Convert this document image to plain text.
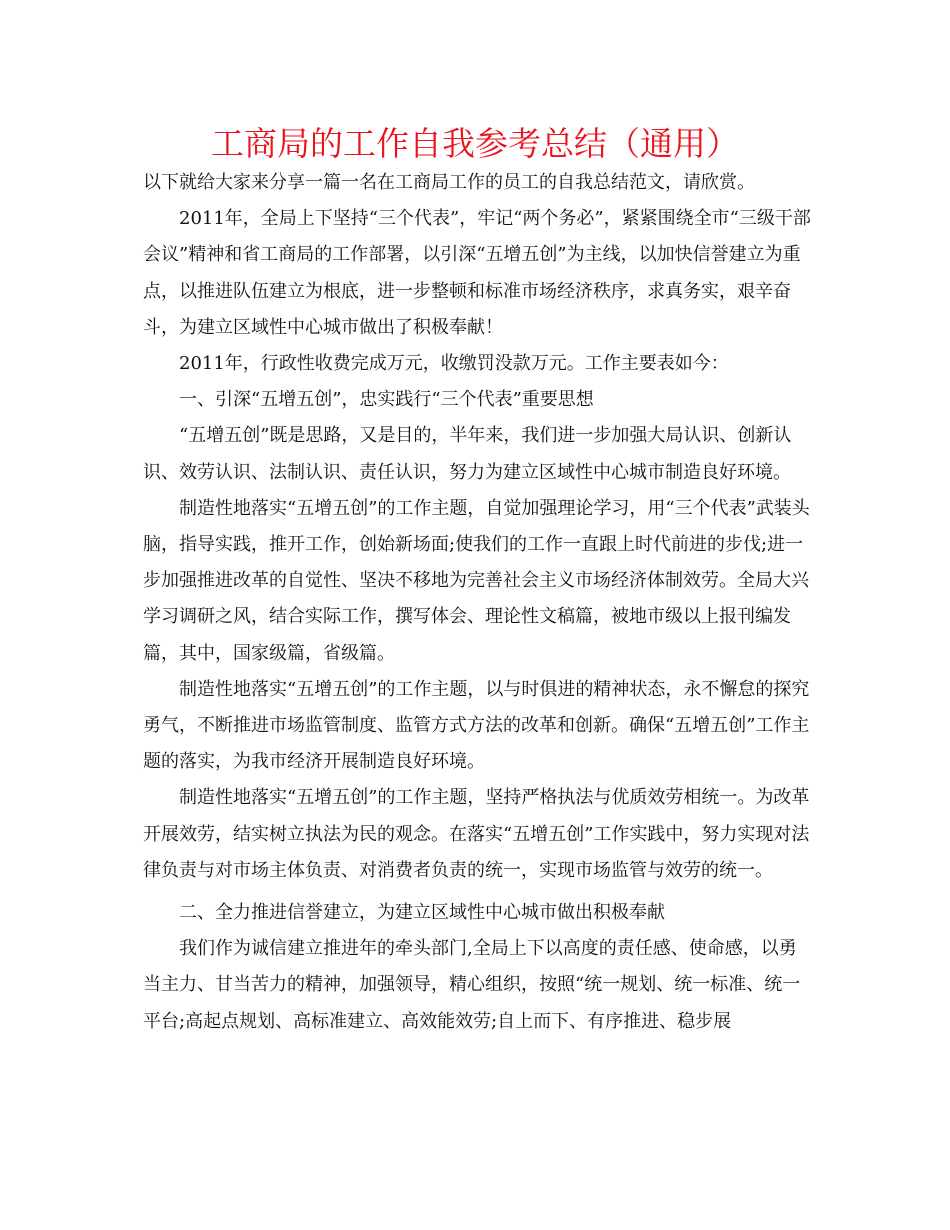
工商局的工作自我参考总结（通用）

以下就给大家来分享一篇一名在工商局工作的员工的自我总结范文，请欣赏。

2011年，全局上下坚持“三个代表”，牢记“两个务必”，紧紧围绕全市“三级干部会议”精神和省工商局的工作部署，以引深“五增五创”为主线，以加快信誉建立为重点，以推进队伍建立为根底，进一步整顿和标准市场经济秩序，求真务实，艰辛奋斗，为建立区域性中心城市做出了积极奉献！

2011年，行政性收费完成万元，收缴罚没款万元。工作主要表如今：

一、引深“五增五创”，忠实践行“三个代表”重要思想

“五增五创”既是思路，又是目的，半年来，我们进一步加强大局认识、创新认识、效劳认识、法制认识、责任认识，努力为建立区域性中心城市制造良好环境。

制造性地落实“五增五创”的工作主题，自觉加强理论学习，用“三个代表”武装头脑，指导实践，推开工作，创始新场面;使我们的工作一直跟上时代前进的步伐;进一步加强推进改革的自觉性、坚决不移地为完善社会主义市场经济体制效劳。全局大兴学习调研之风，结合实际工作，撰写体会、理论性文稿篇，被地市级以上报刊编发篇，其中，国家级篇，省级篇。

制造性地落实“五增五创”的工作主题，以与时俱进的精神状态，永不懈怠的探究勇气，不断推进市场监管制度、监管方式方法的改革和创新。确保“五增五创”工作主题的落实，为我市经济开展制造良好环境。

制造性地落实“五增五创”的工作主题，坚持严格执法与优质效劳相统一。为改革开展效劳，结实树立执法为民的观念。在落实“五增五创”工作实践中，努力实现对法律负责与对市场主体负责、对消费者负责的统一，实现市场监管与效劳的统一。

二、全力推进信誉建立，为建立区域性中心城市做出积极奉献

我们作为诚信建立推进年的牵头部门,全局上下以高度的责任感、使命感，以勇当主力、甘当苦力的精神，加强领导，精心组织，按照“统一规划、统一标准、统一平台;高起点规划、高标准建立、高效能效劳;自上而下、有序推进、稳步展
